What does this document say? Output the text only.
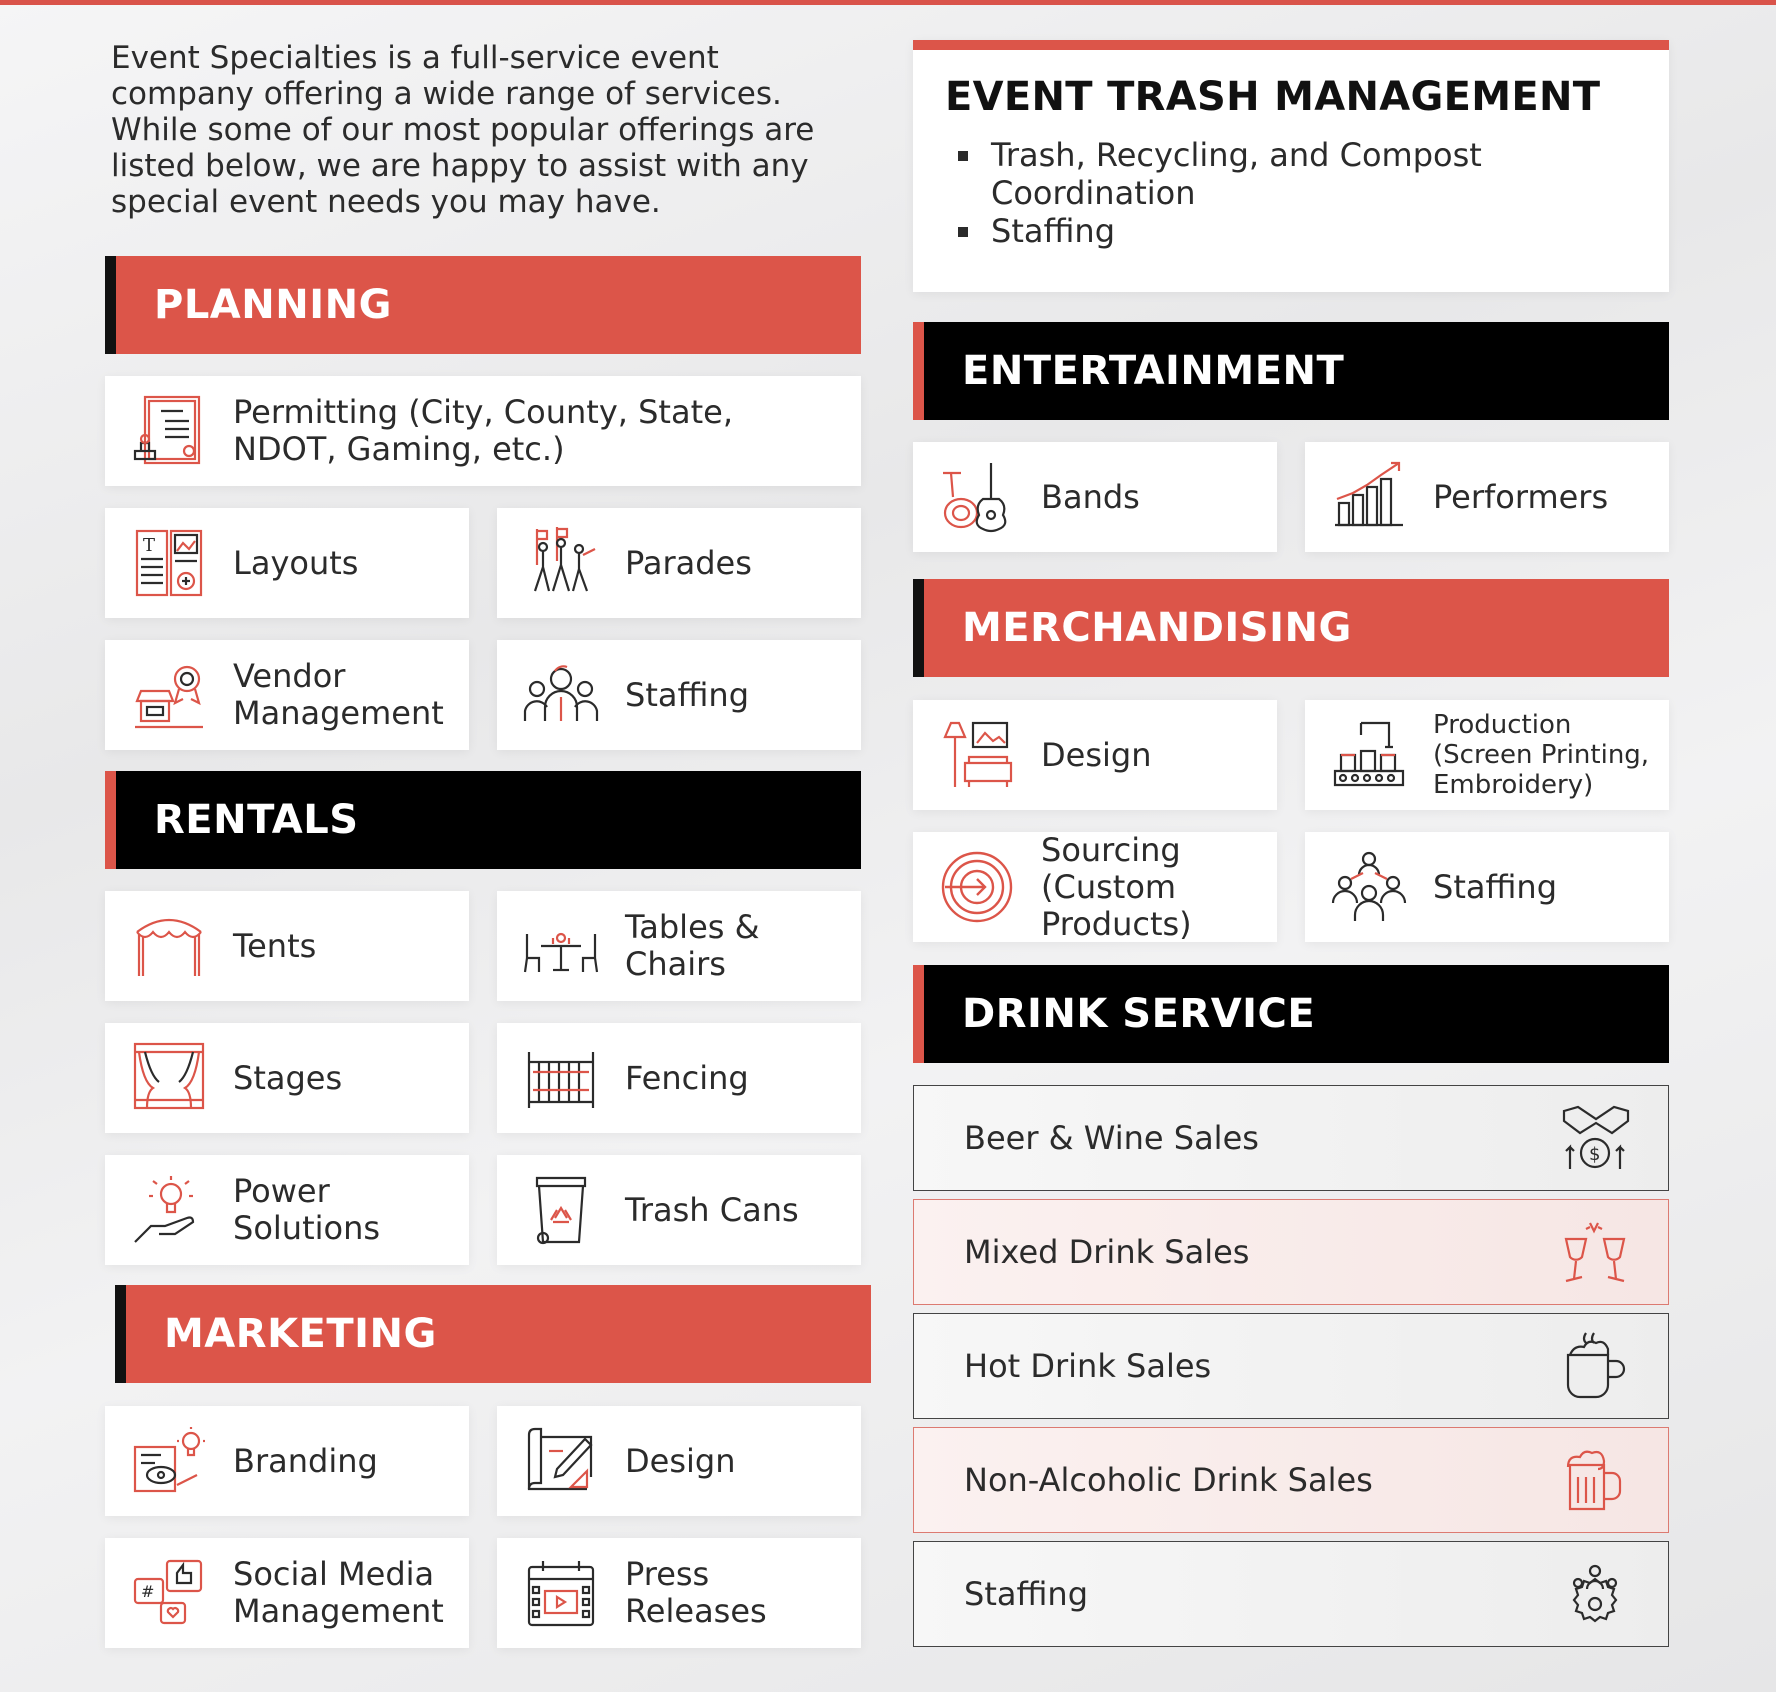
Event Specialties is a full-service event company offering a wide range of services. While some of our most popular offerings are listed below, we are happy to assist with any special event needs you may have.

PLANNING
Permitting (City, County, State, NDOT, Gaming, etc.)
T Layouts	Parades
Vendor Management	Staffing
RENTALS
Tents	Tables & Chairs
Stages	Fencing
Power Solutions	Trash Cans
MARKETING
Branding	Design
# Social Media Management
Press Releases
EVENT TRASH MANAGEMENT
▪ Trash, Recycling, and Compost Coordination
▪ Staffing
ENTERTAINMENT
Bands	Performers
MERCHANDISING
Design
Production (Screen Printing, Embroidery)
Sourcing (Custom Products)
Staffing
DRINK SERVICE
Beer & Wine Sales	$
Mixed Drink Sales
Hot Drink Sales
Non-Alcoholic Drink Sales
Staffing
